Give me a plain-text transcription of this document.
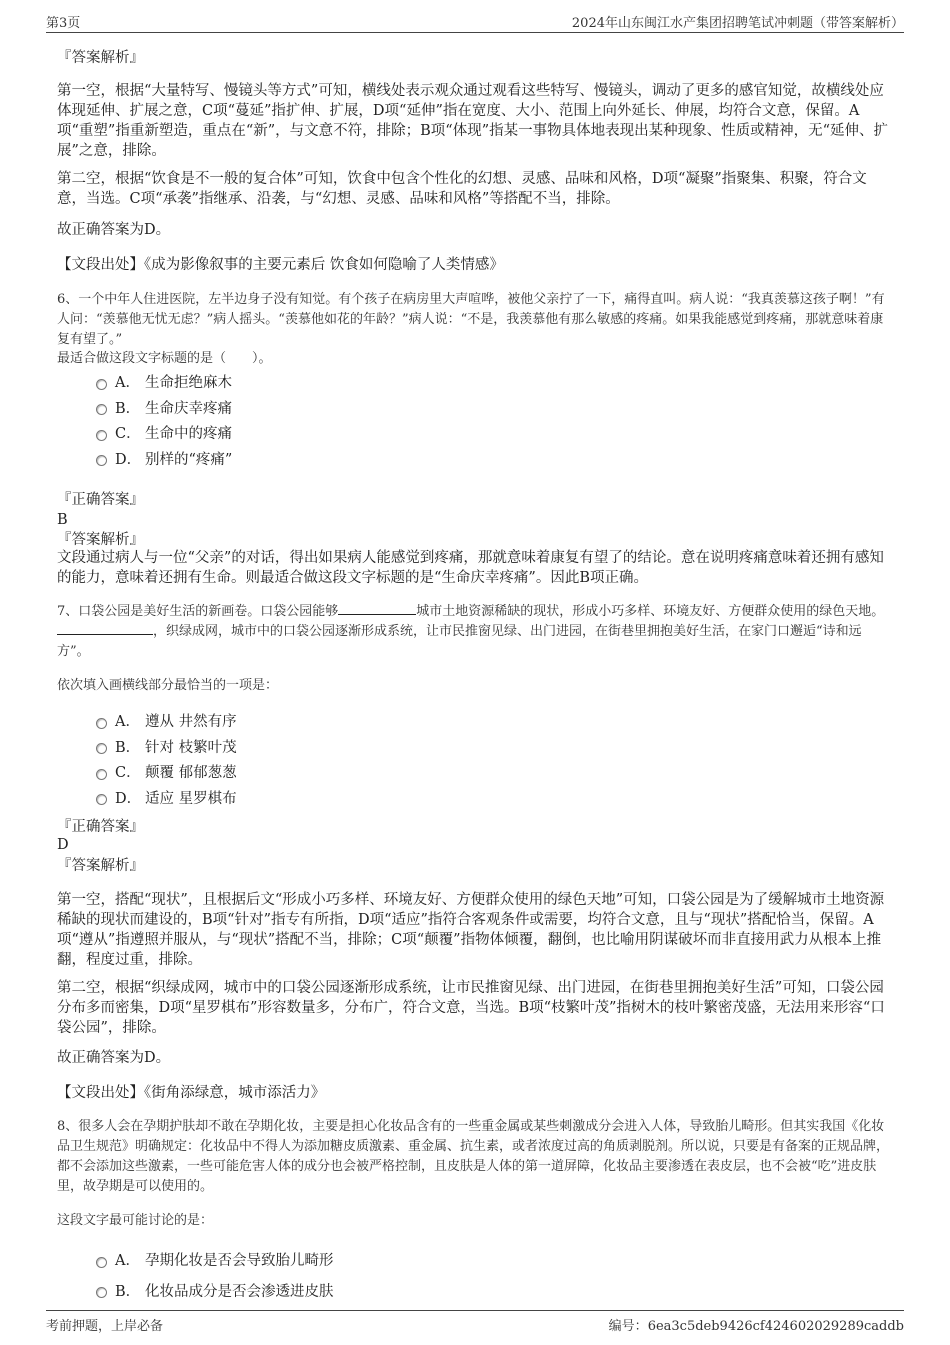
第3页	2024年山东闽江水产集团招聘笔试冲刺题（带答案解析）
『答案解析』
第一空，根据“大量特写、慢镜头等方式”可知，横线处表示观众通过观看这些特写、慢镜头，调动了更多的感官知觉，故横线处应体现延伸、扩展之意，C项“蔓延”指扩伸、扩展，D项“延伸”指在宽度、大小、范围上向外延长、伸展，均符合文意，保留。A项“重塑”指重新塑造，重点在“新”，与文意不符，排除；B项“体现”指某一事物具体地表现出某种现象、性质或精神，无“延伸、扩展”之意，排除。
第二空，根据“饮食是不一般的复合体”可知，饮食中包含个性化的幻想、灵感、品味和风格，D项“凝聚”指聚集、积聚，符合文意，当选。C项“承袭”指继承、沿袭，与“幻想、灵感、品味和风格”等搭配不当，排除。
故正确答案为D。
【文段出处】《成为影像叙事的主要元素后 饮食如何隐喻了人类情感》
6、一个中年人住进医院，左半边身子没有知觉。有个孩子在病房里大声喧哗，被他父亲拧了一下，痛得直叫。病人说：“我真羡慕这孩子啊！”有人问：“羡慕他无忧无虑？”病人摇头。“羡慕他如花的年龄？”病人说：“不是，我羡慕他有那么敏感的疼痛。如果我能感觉到疼痛，那就意味着康复有望了。”
最适合做这段文字标题的是（　　）。
A． 生命拒绝麻木
B． 生命庆幸疼痛
C． 生命中的疼痛
D． 别样的“疼痛”
『正确答案』
B
『答案解析』
文段通过病人与一位“父亲”的对话，得出如果病人能感觉到疼痛，那就意味着康复有望了的结论。意在说明疼痛意味着还拥有感知的能力，意味着还拥有生命。则最适合做这段文字标题的是“生命庆幸疼痛”。因此B项正确。
7、口袋公园是美好生活的新画卷。口袋公园能够	城市土地资源稀缺的现状，形成小巧多样、环境友好、方便群众使用的绿色天地。，织绿成网，城市中的口袋公园逐渐形成系统，让市民推窗见绿、出门进园，在街巷里拥抱美好生活，在家门口邂逅“诗和远方”。
依次填入画横线部分最恰当的一项是：
A． 遵从 井然有序
B． 针对 枝繁叶茂
C． 颠覆 郁郁葱葱
D． 适应 星罗棋布
『正确答案』
D
『答案解析』
第一空，搭配“现状”，且根据后文“形成小巧多样、环境友好、方便群众使用的绿色天地”可知，口袋公园是为了缓解城市土地资源稀缺的现状而建设的，B项“针对”指专有所指，D项“适应”指符合客观条件或需要，均符合文意，且与“现状”搭配恰当，保留。A项“遵从”指遵照并服从，与“现状”搭配不当，排除；C项“颠覆”指物体倾覆，翻倒，也比喻用阴谋破坏而非直接用武力从根本上推翻，程度过重，排除。
第二空，根据“织绿成网，城市中的口袋公园逐渐形成系统，让市民推窗见绿、出门进园，在街巷里拥抱美好生活”可知，口袋公园分布多而密集，D项“星罗棋布”形容数量多，分布广，符合文意，当选。B项“枝繁叶茂”指树木的枝叶繁密茂盛，无法用来形容“口袋公园”，排除。
故正确答案为D。
【文段出处】《街角添绿意，城市添活力》
8、很多人会在孕期护肤却不敢在孕期化妆，主要是担心化妆品含有的一些重金属或某些刺激成分会进入人体，导致胎儿畸形。但其实我国《化妆品卫生规范》明确规定：化妆品中不得人为添加糖皮质激素、重金属、抗生素，或者浓度过高的角质剥脱剂。所以说，只要是有备案的正规品牌，都不会添加这些激素，一些可能危害人体的成分也会被严格控制，且皮肤是人体的第一道屏障，化妆品主要渗透在表皮层，也不会被“吃”进皮肤里，故孕期是可以使用的。
这段文字最可能讨论的是：
A． 孕期化妆是否会导致胎儿畸形
B． 化妆品成分是否会渗透进皮肤
考前押题，上岸必备	编号：6ea3c5deb9426cf424602029289caddb
